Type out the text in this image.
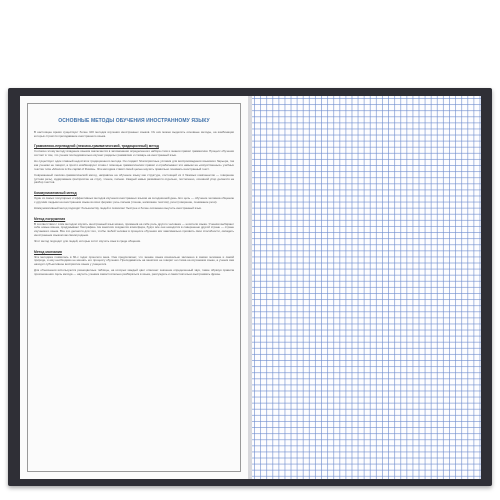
ОСНОВНЫЕ МЕТОДЫ ОБУЧЕНИЯ ИНОСТРАННОМУ ЯЗЫКУ

В настоящее время существует более 100 методик изучения иностранных языков. Из них можно выделить основные методы, на комбинации которых строится преподавание иностранного языка.

Грамматико-переводной (лексико-грамматический, традиционный) метод

Согласно этому методу владение языком заключается в запоминании определенного набора слов и знании правил грамматики. Процесс обучения состоит в том, что ученик последовательно изучает разделы грамматики и словарь на иностранный язык.

Но существует один главный недостаток традиционного метода. Он создаёт благоприятные условия для воспроизведения языкового барьера, так как ученики не говорят, а просто комбинируют слова с помощью грамматических правил и отрабатывают эти навыки на «искусственных» учебных текстах типа «Moscow is the capital of Russia». Эта методика ставит своей целью научить правильно понимать иностранный текст.

Современный лексико-грамматический метод, направлен на обучение языку как структуре, состоящей из 4 базовых компонентов — говорение (устная речь), аудирование (восприятие на слух), чтение, письмо. Каждый навык развивается отдельно, постепенно, основной упор делается на разбор текстов.

Коммуникативный метод

Один из самых популярных и эффективных методов изучения иностранных языков на сегодняшний день. Его цель — обучение человека общению с другими людьми на иностранном языке во всех формах: речь письма (чтение, написание текстов), речи (говорение, понимание речи).

Коммуникативный метод подходит большинству людей и позволяет быстрее и более осознанно выучить иностранный язык.

Метод погружения

В соответствии с этим методом изучить иностранный язык можно, применив на себе роль другого человека — носителя языка. Ученики выбирают себе новые имена, придумывают биографию. На занятиях создаются атмосфера, будто все они находятся в совершенно другой стране — стране изучаемого языка. Все это делается для того, чтобы любой человек в процессе обучения мог максимально проявить свои способности, овладеть иностранным языком как своим родным.

Этот метод подходит для людей, которые хотят изучить язык в среде общения.

Метод молчания

Эта методика появилась в 60-х годах прошлого века. Она предполагает, что знание языка изначально заложено в самом человеке и самой природе, и ему необходимо не мешать его процессу обучения. Преподаватель на занятиях не говорит ни слова на изучаемом языке, а ученик сам находит субъективное восприятие языка у учащегося.

Для объяснения используются разноцветные таблицы, на которых каждый цвет отмечает значение определенный звук, также образуя правила произношения. Цель метода — научить ученика самостоятельно разбираться в языке, рассуждать и самостоятельно выстраивать фразы.
